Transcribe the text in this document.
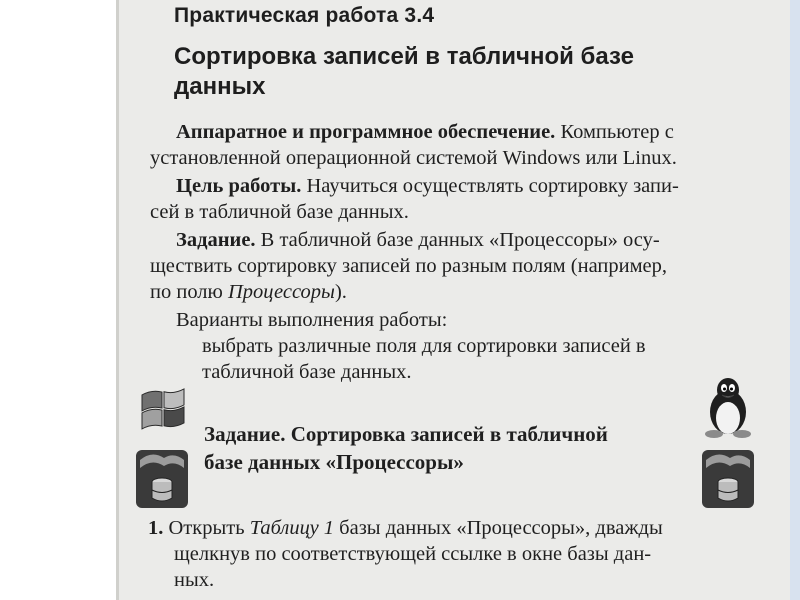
Практическая работа 3.4
Сортировка записей в табличной базе
данных
Аппаратное и программное обеспечение. Компьютер с
установленной операционной системой Windows или Linux.
Цель работы. Научиться осуществлять сортировку запи-
сей в табличной базе данных.
Задание. В табличной базе данных «Процессоры» осу-
ществить сортировку записей по разным полям (например,
по полю Процессоры).
Варианты выполнения работы:
выбрать различные поля для сортировки записей в
табличной базе данных.
Задание. Сортировка записей в табличной
базе данных «Процессоры»
1. Открыть Таблицу 1 базы данных «Процессоры», дважды
щелкнув по соответствующей ссылке в окне базы дан-
ных.
